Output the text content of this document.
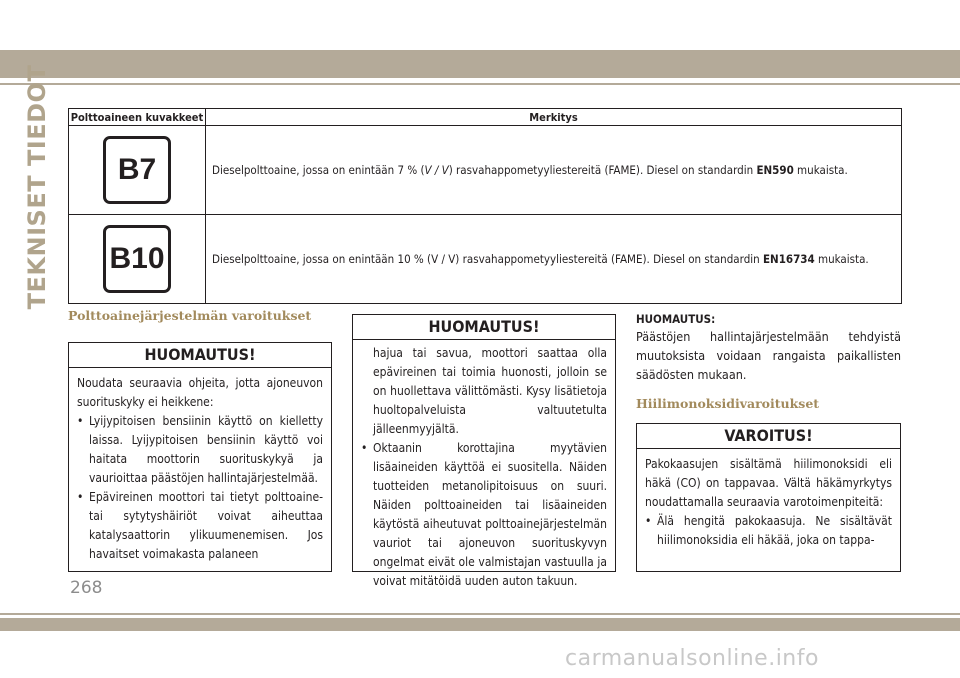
TEKNISET TIEDOT Polttoaineen kuvakkeet	Merkitys
B7	Dieselpolttoaine, jossa on enintään 7 % (V / V) rasvahappometyyliestereitä (FAME). Diesel on standardin EN590 mukaista.
B10	Dieselpolttoaine, jossa on enintään 10 % (V / V) rasvahappometyyliestereitä (FAME). Diesel on standardin EN16734 mukaista.
Polttoainejärjestelmän varoitukset
HUOMAUTUS!

Noudata seuraavia ohjeita, jotta ajoneuvon suorituskyky ei heikkene:

• Lyijypitoisen bensiinin käyttö on kielletty laissa. Lyijypitoisen bensiinin käyttö voi haitata moottorin suorituskykyä ja vaurioittaa päästöjen hallintajärjestelmää.
• Epävireinen moottori tai tietyt polttoaine- tai sytytyshäiriöt voivat aiheuttaa katalysaattorin ylikuumenemisen. Jos havaitset voimakasta palaneen
HUOMAUTUS!

hajua tai savua, moottori saattaa olla epävireinen tai toimia huonosti, jolloin se on huollettava välittömästi. Kysy lisätietoja huoltopalveluista valtuutetulta jälleenmyyjältä.

• Oktaanin korottajina myytävien lisäaineiden käyttöä ei suositella. Näiden tuotteiden metanolipitoisuus on suuri. Näiden polttoaineiden tai lisäaineiden käytöstä aiheutuvat polttoainejärjestelmän vauriot tai ajoneuvon suorituskyvyn ongelmat eivät ole valmistajan vastuulla ja voivat mitätöidä uuden auton takuun.
HUOMAUTUS:
Päästöjen hallintajärjestelmään tehdyistä muutoksista voidaan rangaista paikallisten säädösten mukaan.
Hiilimonoksidivaroitukset
VAROITUS!

Pakokaasujen sisältämä hiilimonoksidi eli häkä (CO) on tappavaa. Vältä häkämyrkytys noudattamalla seuraavia varotoimenpiteitä:

• Älä hengitä pakokaasuja. Ne sisältävät hiilimonoksidia eli häkää, joka on tappa-
268
carmanualsonline.info
